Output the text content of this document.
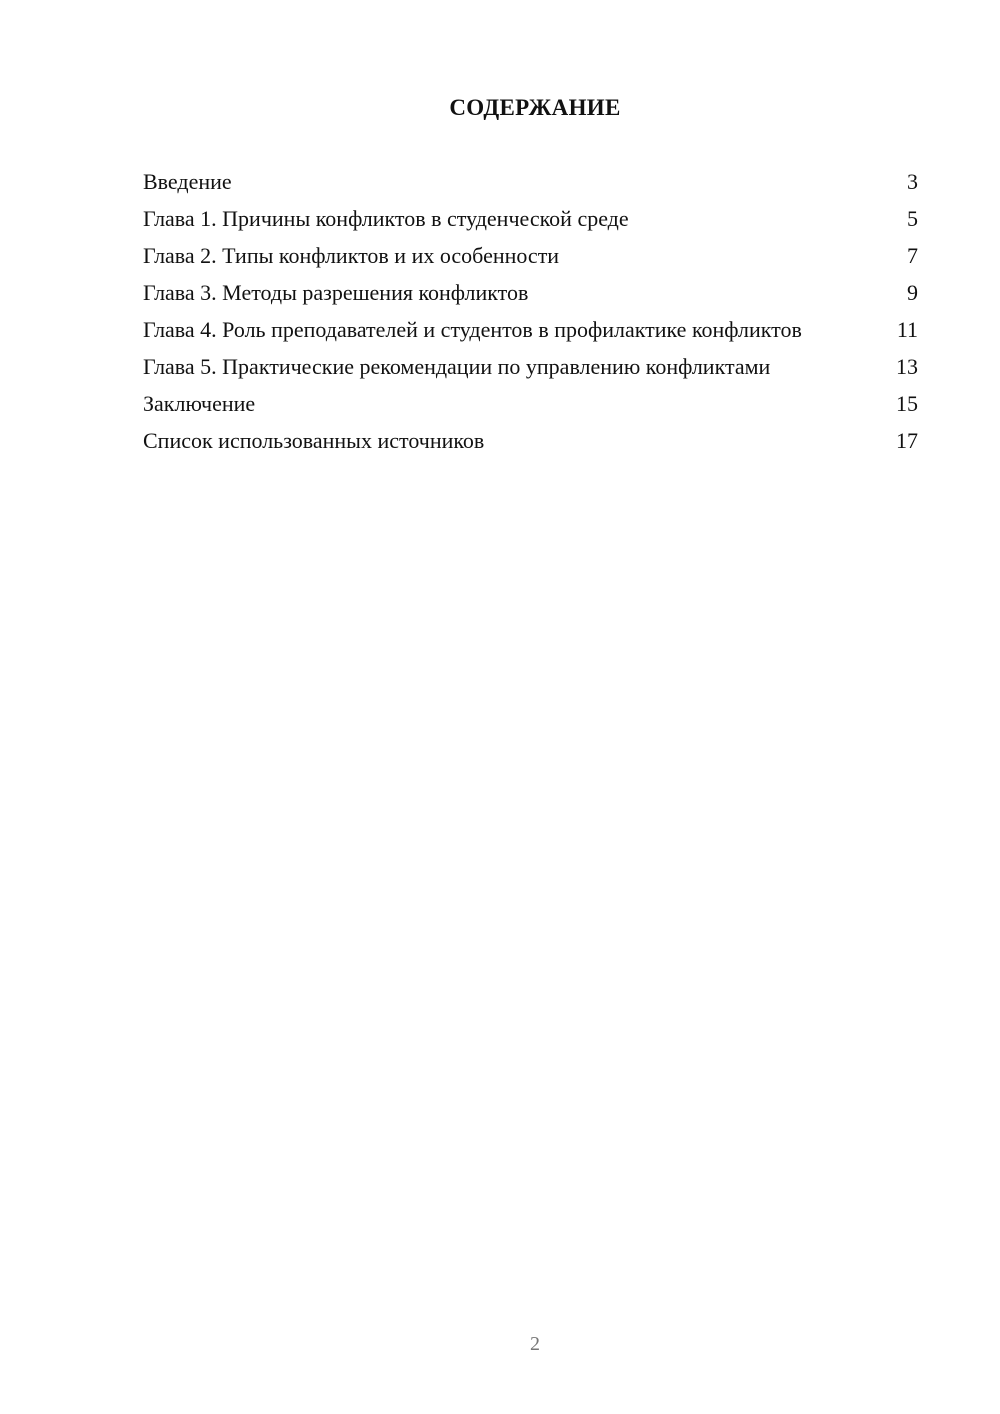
СОДЕРЖАНИЕ
Введение	3
Глава 1. Причины конфликтов в студенческой среде	5
Глава 2. Типы конфликтов и их особенности	7
Глава 3. Методы разрешения конфликтов	9
Глава 4. Роль преподавателей и студентов в профилактике конфликтов	11
Глава 5. Практические рекомендации по управлению конфликтами	13
Заключение	15
Список использованных источников	17
2
